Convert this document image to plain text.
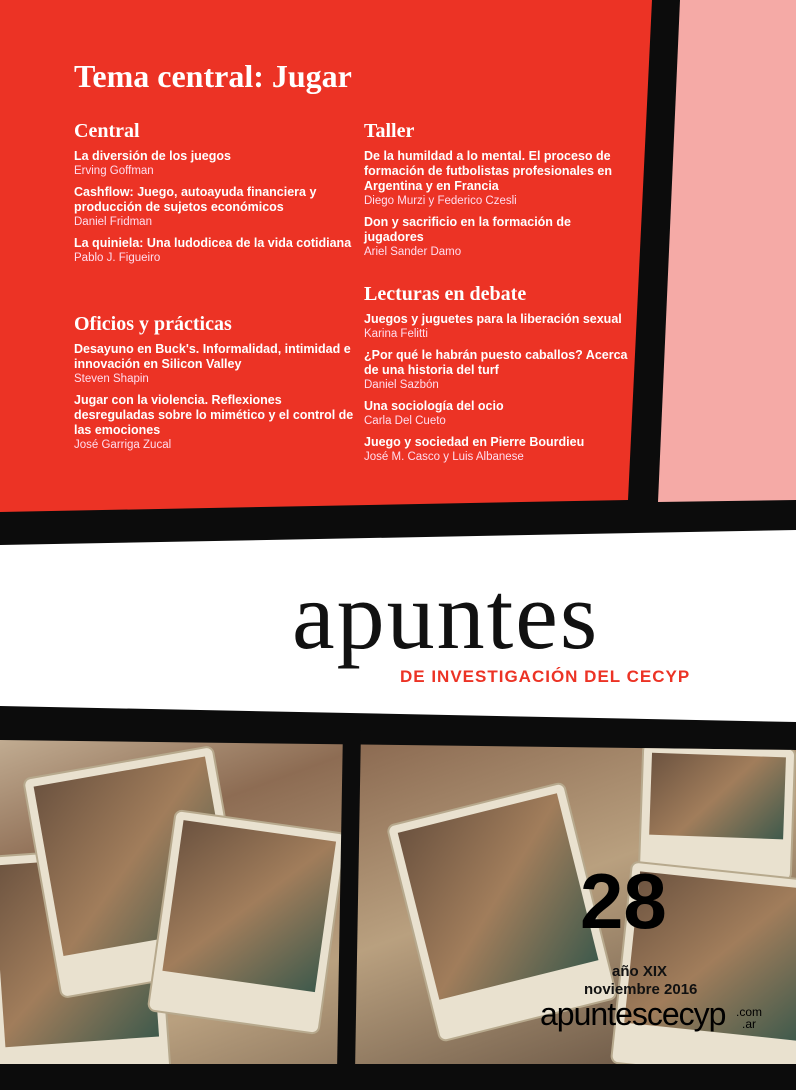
Tema central: Jugar
Central
La diversión de los juegos
Erving Goffman
Cashflow: Juego, autoayuda financiera y producción de sujetos económicos
Daniel Fridman
La quiniela: Una ludodicea de la vida cotidiana
Pablo J. Figueiro
Oficios y prácticas
Desayuno en Buck's. Informalidad, intimidad e innovación en Silicon Valley
Steven Shapin
Jugar con la violencia. Reflexiones desreguladas sobre lo mimético y el control de las emociones
José Garriga Zucal
Taller
De la humildad a lo mental. El proceso de formación de futbolistas profesionales en Argentina y en Francia
Diego Murzi y Federico Czesli
Don y sacrificio en la formación de jugadores
Ariel Sander Damo
Lecturas en debate
Juegos y juguetes para la liberación sexual
Karina Felitti
¿Por qué le habrán puesto caballos? Acerca de una historia del turf
Daniel Sazbón
Una sociología del ocio
Carla Del Cueto
Juego y sociedad en Pierre Bourdieu
José M. Casco y Luis Albanese
apuntes
DE INVESTIGACIÓN DEL CECYP
28
año XIX
noviembre 2016
apuntescecyp .com
.ar
